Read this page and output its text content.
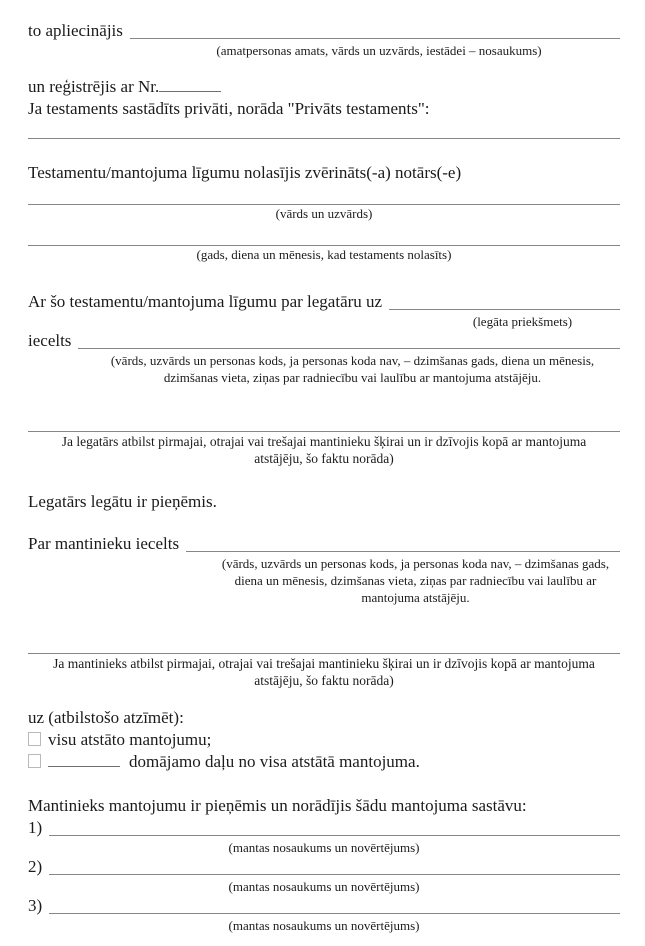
to apliecinājis
(amatpersonas amats, vārds un uzvārds, iestādei – nosaukums)
un reģistrējis ar Nr.
Ja testaments sastādīts privāti, norāda "Privāts testaments":
Testamentu/mantojuma līgumu nolasījis zvērināts(-a) notārs(-e)
(vārds un uzvārds)
(gads, diena un mēnesis, kad testaments nolasīts)
Ar šo testamentu/mantojuma līgumu par legatāru uz
(legāta priekšmets)
iecelts
(vārds, uzvārds un personas kods, ja personas koda nav, – dzimšanas gads, diena un mēnesis, dzimšanas vieta, ziņas par radniecību vai laulību ar mantojuma atstājēju.
Ja legatārs atbilst pirmajai, otrajai vai trešajai mantinieku šķirai un ir dzīvojis kopā ar mantojuma atstājēju, šo faktu norāda)
Legatārs legātu ir pieņēmis.
Par mantinieku iecelts
(vārds, uzvārds un personas kods, ja personas koda nav, – dzimšanas gads, diena un mēnesis, dzimšanas vieta, ziņas par radniecību vai laulību ar mantojuma atstājēju.
Ja mantinieks atbilst pirmajai, otrajai vai trešajai mantinieku šķirai un ir dzīvojis kopā ar mantojuma atstājēju, šo faktu norāda)
uz (atbilstošo atzīmēt):
visu atstāto mantojumu;
domājamo daļu no visa atstātā mantojuma.
Mantinieks mantojumu ir pieņēmis un norādījis šādu mantojuma sastāvu:
1)
(mantas nosaukums un novērtējums)
2)
(mantas nosaukums un novērtējums)
3)
(mantas nosaukums un novērtējums)
